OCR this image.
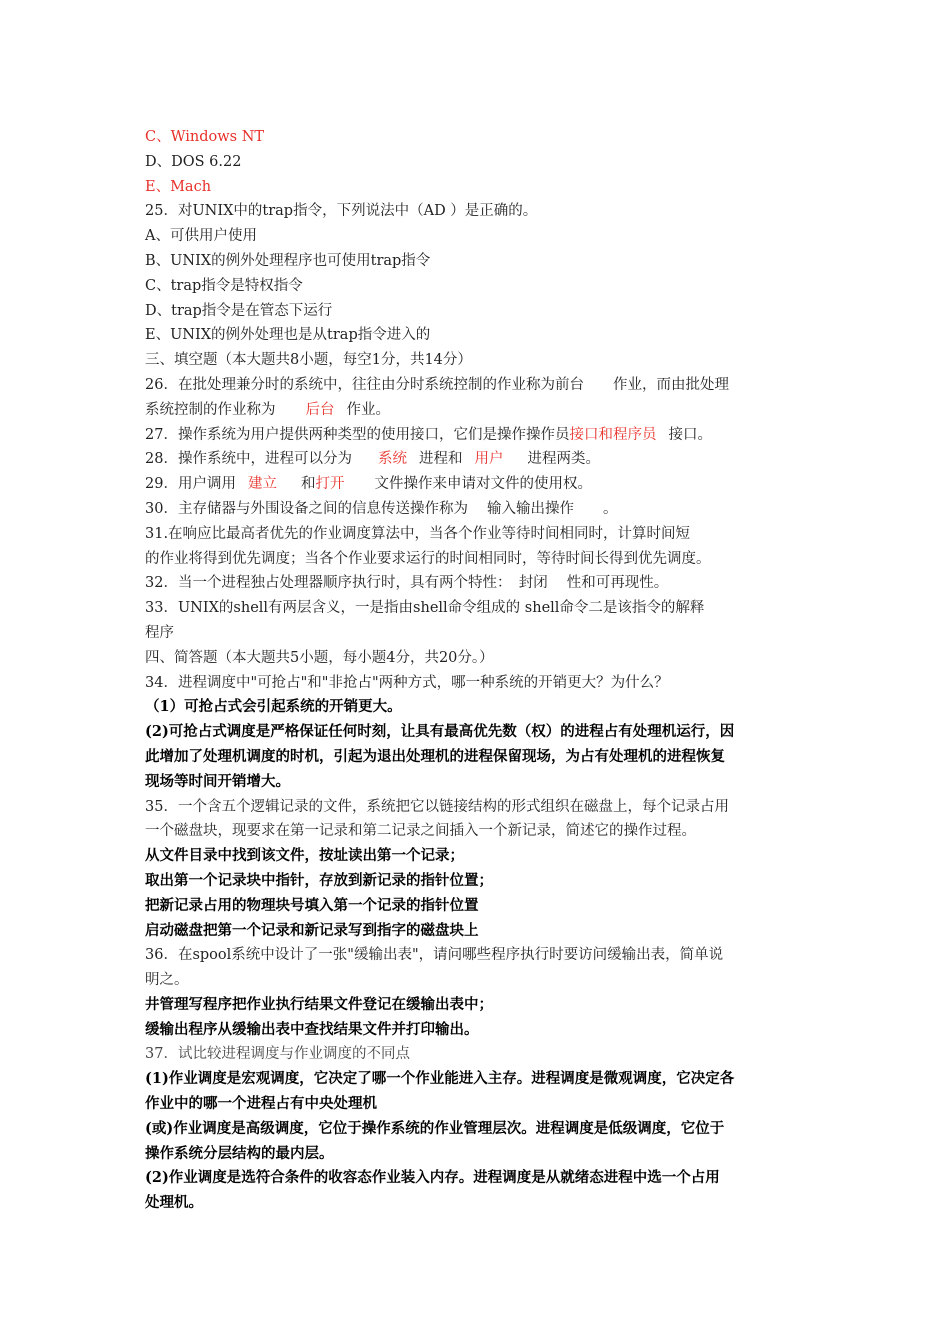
C、Windows NT
D、DOS 6.22
E、Mach
25．对UNIX中的trap指令，下列说法中（AD ）是正确的。
A、可供用户使用
B、UNIX的例外处理程序也可使用trap指令
C、trap指令是特权指令
D、trap指令是在管态下运行
E、UNIX的例外处理也是从trap指令进入的
三、填空题（本大题共8小题，每空1分，共14分）
26．在批处理兼分时的系统中，往往由分时系统控制的作业称为前台　　作业，而由批处理
系统控制的作业称为 后台 作业。
27．操作系统为用户提供两种类型的使用接口，它们是操作操作员接口和程序员 接口。
28．操作系统中，进程可以分为 系统 进程和 用户 进程两类。
29．用户调用 建立 和打开 文件操作来申请对文件的使用权。
30．主存储器与外围设备之间的信息传送操作称为　 输入输出操作　　。
31.在响应比最高者优先的作业调度算法中，当各个作业等待时间相同时，计算时间短
的作业将得到优先调度；当各个作业要求运行的时间相同时，等待时间长得到优先调度。
32．当一个进程独占处理器顺序执行时，具有两个特性：　封闭　 性和可再现性。
33．UNIX的shell有两层含义，一是指由shell命令组成的 shell命令二是该指令的解释
程序
四、简答题（本大题共5小题，每小题4分，共20分。）
34．进程调度中"可抢占"和"非抢占"两种方式，哪一种系统的开销更大？为什么？
（1）可抢占式会引起系统的开销更大。
(2)可抢占式调度是严格保证任何时刻，让具有最高优先数（权）的进程占有处理机运行，因
此增加了处理机调度的时机，引起为退出处理机的进程保留现场，为占有处理机的进程恢复
现场等时间开销增大。
35．一个含五个逻辑记录的文件，系统把它以链接结构的形式组织在磁盘上，每个记录占用
一个磁盘块，现要求在第一记录和第二记录之间插入一个新记录，简述它的操作过程。
从文件目录中找到该文件，按址读出第一个记录；
取出第一个记录块中指针，存放到新记录的指针位置；
把新记录占用的物理块号填入第一个记录的指针位置
启动磁盘把第一个记录和新记录写到指字的磁盘块上
36．在spool系统中设计了一张"缓输出表"，请问哪些程序执行时要访问缓输出表，简单说
明之。
井管理写程序把作业执行结果文件登记在缓输出表中；
缓输出程序从缓输出表中查找结果文件并打印输出。
37．试比较进程调度与作业调度的不同点
(1)作业调度是宏观调度，它决定了哪一个作业能进入主存。进程调度是微观调度，它决定各
作业中的哪一个进程占有中央处理机
(或)作业调度是高级调度，它位于操作系统的作业管理层次。进程调度是低级调度，它位于
操作系统分层结构的最内层。
(2)作业调度是选符合条件的收容态作业装入内存。进程调度是从就绪态进程中选一个占用
处理机。
